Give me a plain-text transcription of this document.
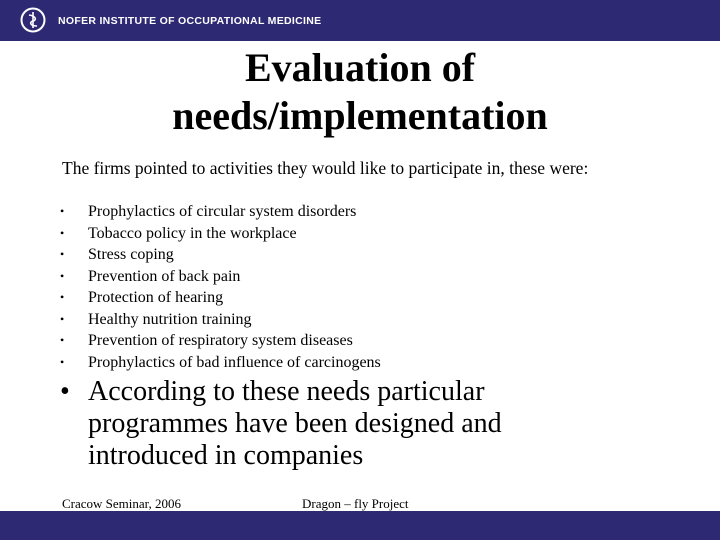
NOFER INSTITUTE OF OCCUPATIONAL MEDICINE
Evaluation of
needs/implementation
The firms pointed to activities they would like to participate in, these were:
•	Prophylactics of circular system disorders
•	Tobacco policy in the workplace
•	Stress coping
•	Prevention of back pain
•	Protection of hearing
•	Healthy nutrition training
•	Prevention of respiratory system diseases
•	Prophylactics of bad influence of carcinogens
• According to these needs particular programmes have been designed and introduced in companies
Cracow Seminar, 2006	Dragon – fly Project
